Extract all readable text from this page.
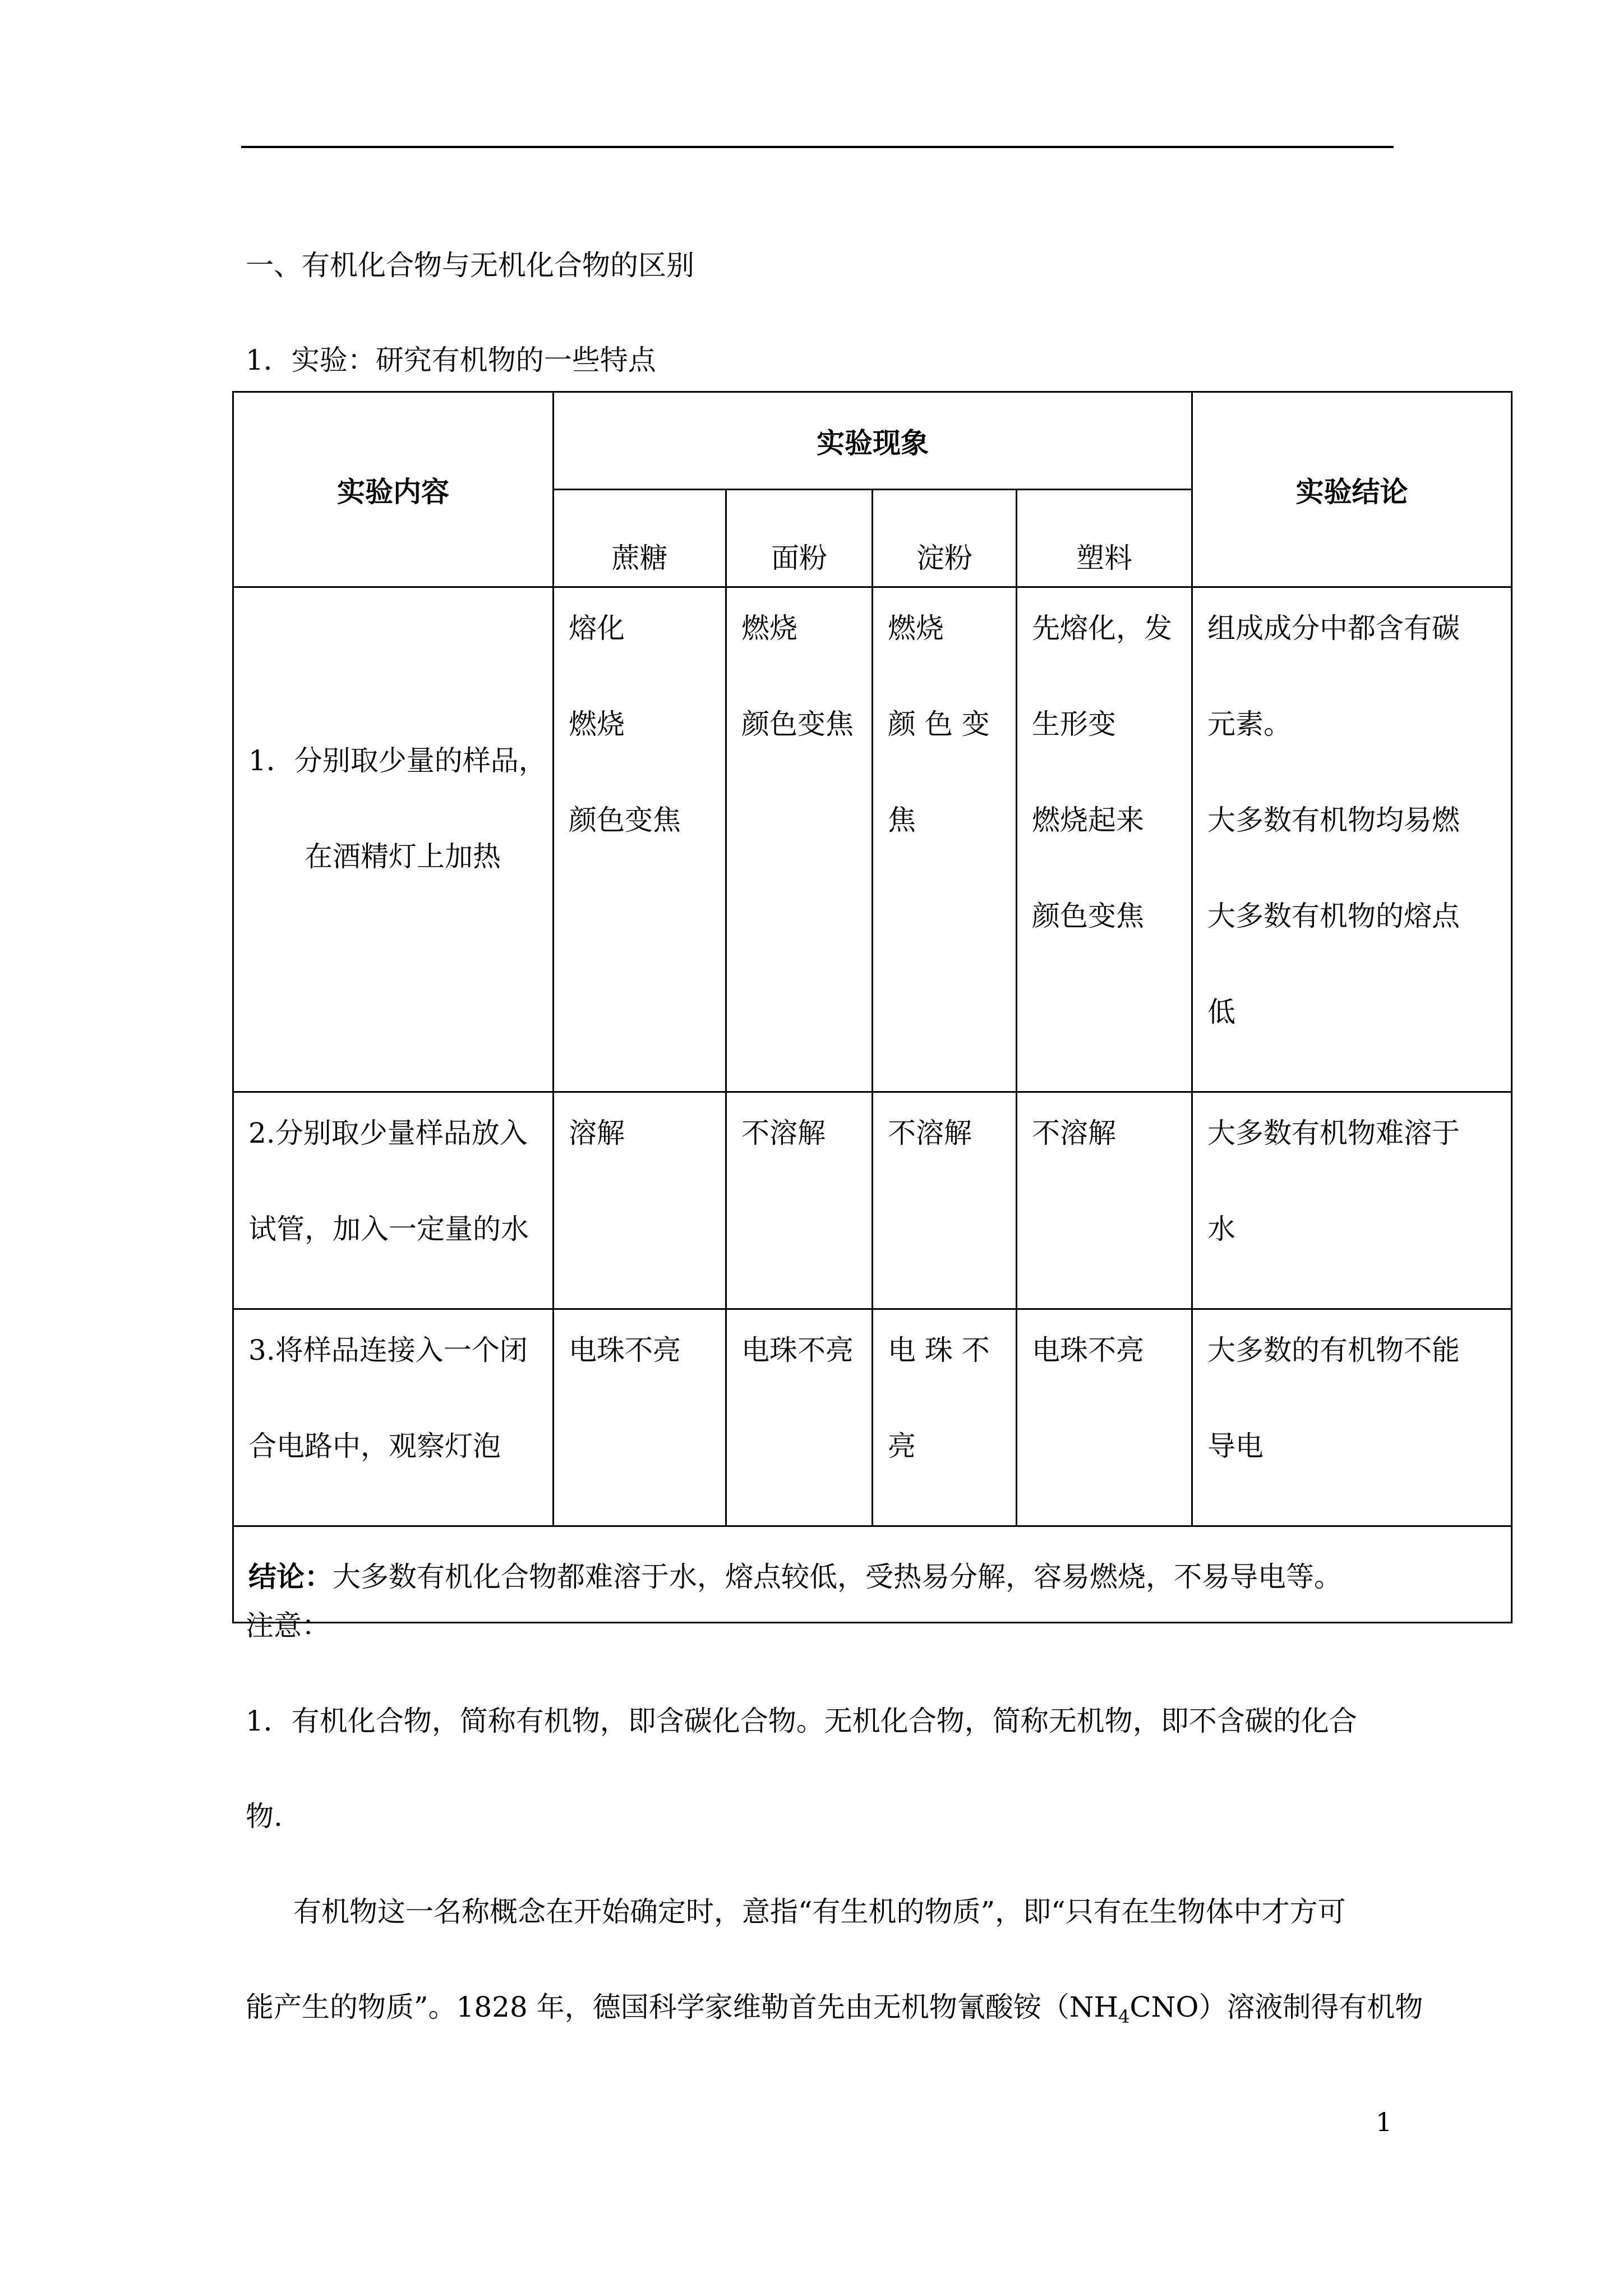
一、有机化合物与无机化合物的区别
1．实验：研究有机物的一些特点
实验内容	实验现象				实验结论
	蔗糖	面粉	淀粉	塑料	

1．分别取少量的样品，
在酒精灯上加热	熔化
燃烧
颜色变焦	燃烧
颜色变焦	燃烧
颜 色 变
焦	先熔化，发
生形变
燃烧起来
颜色变焦	组成成分中都含有碳
元素。
大多数有机物均易燃
大多数有机物的熔点
低

2.分别取少量样品放入
试管，加入一定量的水	溶解	不溶解	不溶解	不溶解	大多数有机物难溶于
水

3.将样品连接入一个闭
合电路中，观察灯泡	电珠不亮	电珠不亮	电 珠 不
亮	电珠不亮	大多数的有机物不能
导电

结论：大多数有机化合物都难溶于水，熔点较低，受热易分解，容易燃烧，不易导电等。					
注意：
1．有机化合物，简称有机物，即含碳化合物。无机化合物，简称无机物，即不含碳的化合
物.
有机物这一名称概念在开始确定时，意指“有生机的物质”，即“只有在生物体中才方可
能产生的物质”。1828 年，德国科学家维勒首先由无机物氰酸铵$(NH_4CNO)$溶液制得有机物
1
